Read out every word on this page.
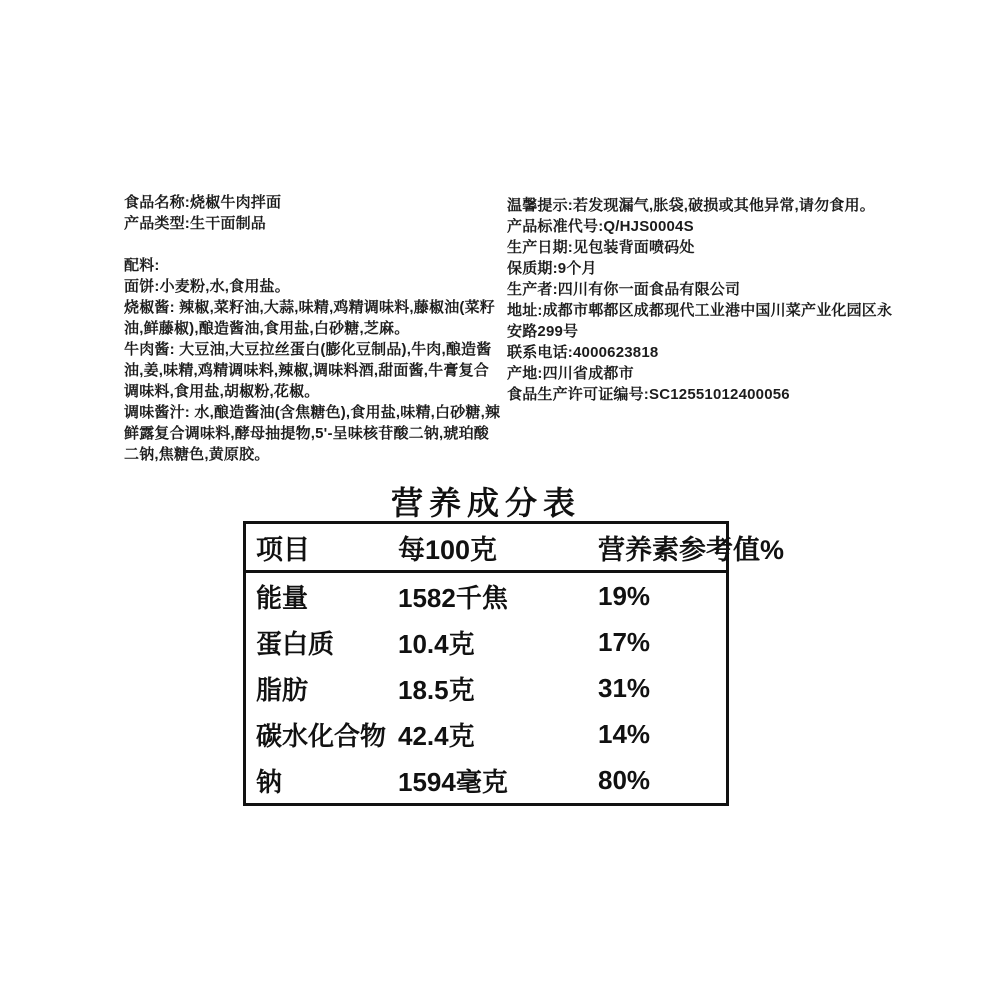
食品名称:烧椒牛肉拌面

产品类型:生干面制品

配料:

面饼:小麦粉,水,食用盐。

烧椒酱: 辣椒,菜籽油,大蒜,味精,鸡精调味料,藤椒油(菜籽油,鲜藤椒),酿造酱油,食用盐,白砂糖,芝麻。

牛肉酱: 大豆油,大豆拉丝蛋白(膨化豆制品),牛肉,酿造酱油,姜,味精,鸡精调味料,辣椒,调味料酒,甜面酱,牛膏复合调味料,食用盐,胡椒粉,花椒。

调味酱汁: 水,酿造酱油(含焦糖色),食用盐,味精,白砂糖,辣鲜露复合调味料,酵母抽提物,5'-呈味核苷酸二钠,琥珀酸二钠,焦糖色,黄原胶。

温馨提示:若发现漏气,胀袋,破损或其他异常,请勿食用。

产品标准代号:Q/HJS0004S

生产日期:见包装背面喷码处

保质期:9个月

生产者:四川有你一面食品有限公司

地址:成都市郫都区成都现代工业港中国川菜产业化园区永安路299号

联系电话:4000623818

产地:四川省成都市

食品生产许可证编号:SC12551012400056

营养成分表
项目	每100克	营养素参考值%
能量	1582千焦	19%
蛋白质	10.4克	17%
脂肪	18.5克	31%
碳水化合物 42.4克	14%
钠	1594毫克	80%
